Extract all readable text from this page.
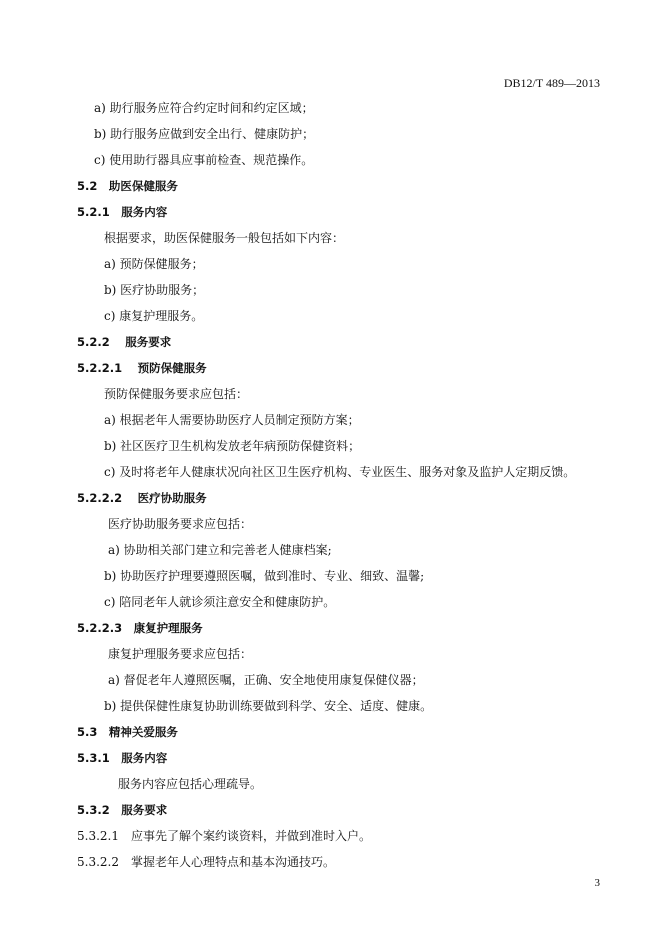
DB12/T 489—2013
a) 助行服务应符合约定时间和约定区域；
b) 助行服务应做到安全出行、健康防护；
c) 使用助行器具应事前检查、规范操作。
5.2　助医保健服务
5.2.1　服务内容
根据要求，助医保健服务一般包括如下内容：
a) 预防保健服务；
b) 医疗协助服务；
c) 康复护理服务。
5.2.2　 服务要求
5.2.2.1　 预防保健服务
预防保健服务要求应包括：
a) 根据老年人需要协助医疗人员制定预防方案；
b) 社区医疗卫生机构发放老年病预防保健资料；
c) 及时将老年人健康状况向社区卫生医疗机构、专业医生、服务对象及监护人定期反馈。
5.2.2.2　 医疗协助服务
医疗协助服务要求应包括：
a) 协助相关部门建立和完善老人健康档案;
b) 协助医疗护理要遵照医嘱，做到准时、专业、细致、温馨;
c) 陪同老年人就诊须注意安全和健康防护。
5.2.2.3　康复护理服务
康复护理服务要求应包括：
a) 督促老年人遵照医嘱，正确、安全地使用康复保健仪器；
b) 提供保健性康复协助训练要做到科学、安全、适度、健康。
5.3　精神关爱服务
5.3.1　服务内容
服务内容应包括心理疏导。
5.3.2　服务要求
5.3.2.1　应事先了解个案约谈资料，并做到准时入户。
5.3.2.2　掌握老年人心理特点和基本沟通技巧。
3
